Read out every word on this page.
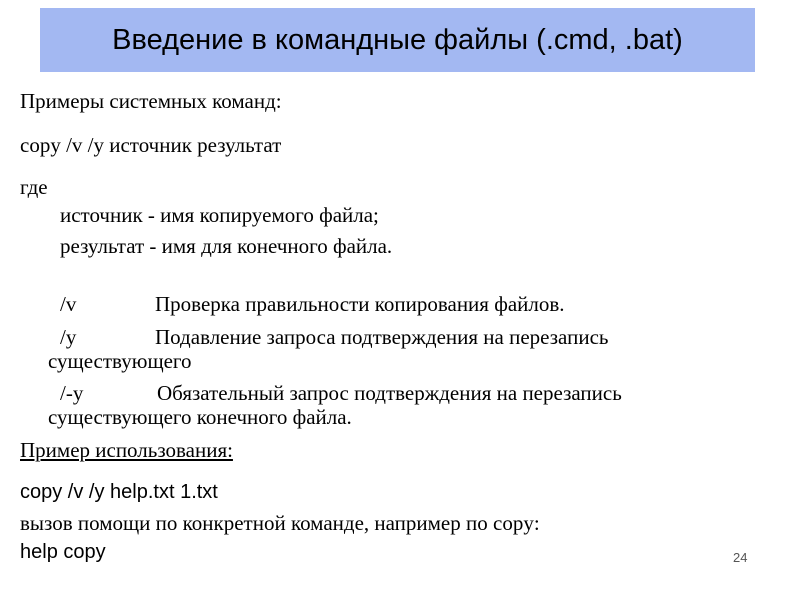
Введение в командные файлы (.cmd, .bat)
Примеры системных команд:
copy /v /y источник результат
где
источник - имя копируемого файла;
результат - имя для конечного файла.
/v	Проверка правильности копирования файлов.
/y	Подавление запроса подтверждения на перезапись
существующего
/-y	Обязательный запрос подтверждения на перезапись
существующего конечного файла.
Пример использования:
copy /v /y help.txt 1.txt
вызов помощи по конкретной команде, например по copy:
help copy	24
